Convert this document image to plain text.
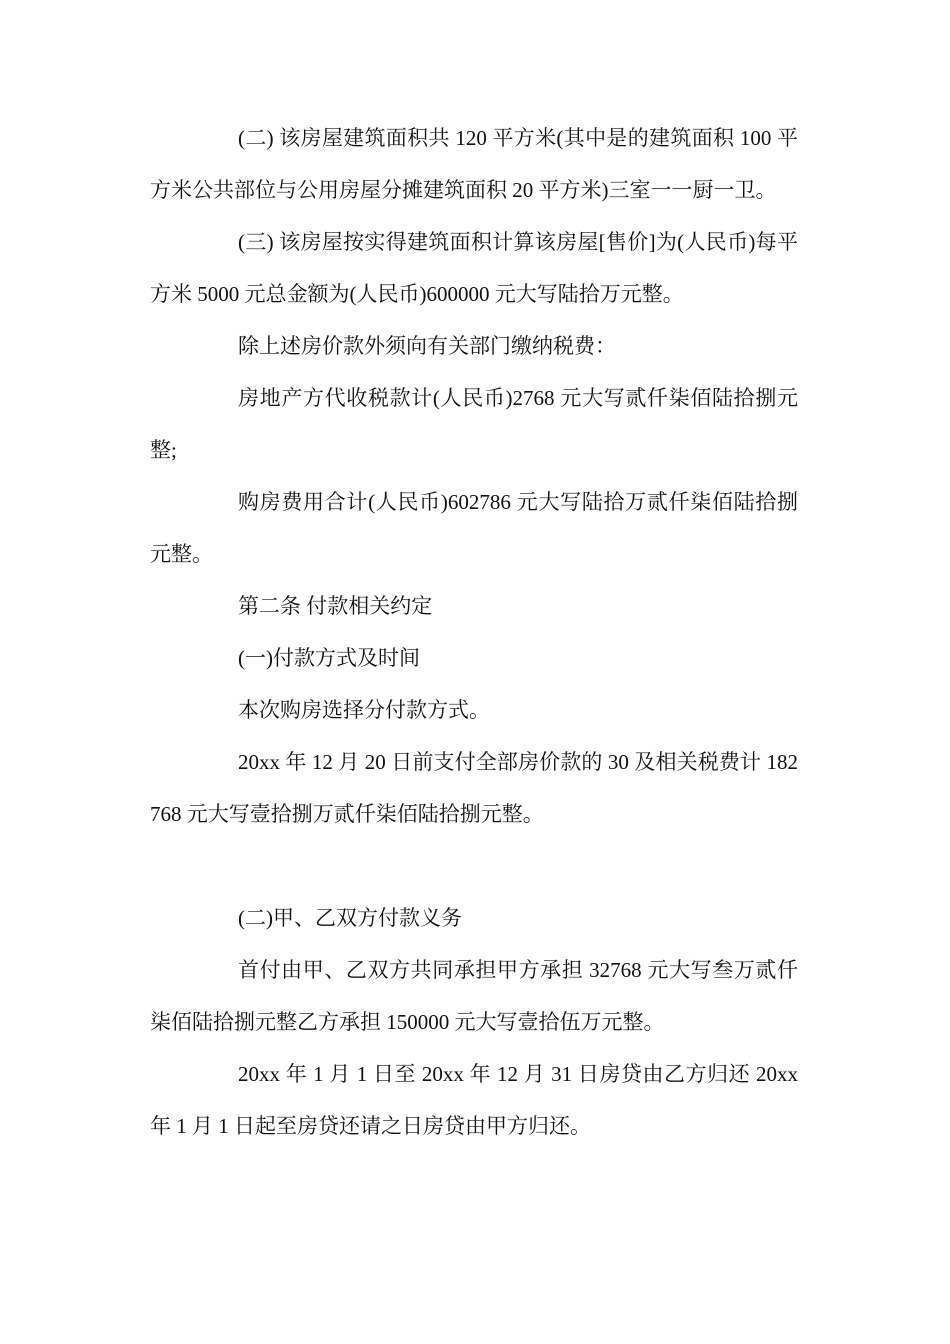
(二) 该房屋建筑面积共 120 平方米(其中是的建筑面积 100 平方米公共部位与公用房屋分摊建筑面积 20 平方米)三室一一厨一卫。

(三) 该房屋按实得建筑面积计算该房屋[售价]为(人民币)每平方米 5000 元总金额为(人民币)600000 元大写陆拾万元整。

除上述房价款外须向有关部门缴纳税费：

房地产方代收税款计(人民币)2768 元大写贰仟柒佰陆拾捌元整;

购房费用合计(人民币)602786 元大写陆拾万贰仟柒佰陆拾捌元整。

第二条 付款相关约定

(一)付款方式及时间

本次购房选择分付款方式。

20xx 年 12 月 20 日前支付全部房价款的 30 及相关税费计 182768 元大写壹拾捌万贰仟柒佰陆拾捌元整。

(二)甲、乙双方付款义务

首付由甲、乙双方共同承担甲方承担 32768 元大写叁万贰仟柒佰陆拾捌元整乙方承担 150000 元大写壹拾伍万元整。

20xx 年 1 月 1 日至 20xx 年 12 月 31 日房贷由乙方归还 20xx 年 1 月 1 日起至房贷还请之日房贷由甲方归还。
